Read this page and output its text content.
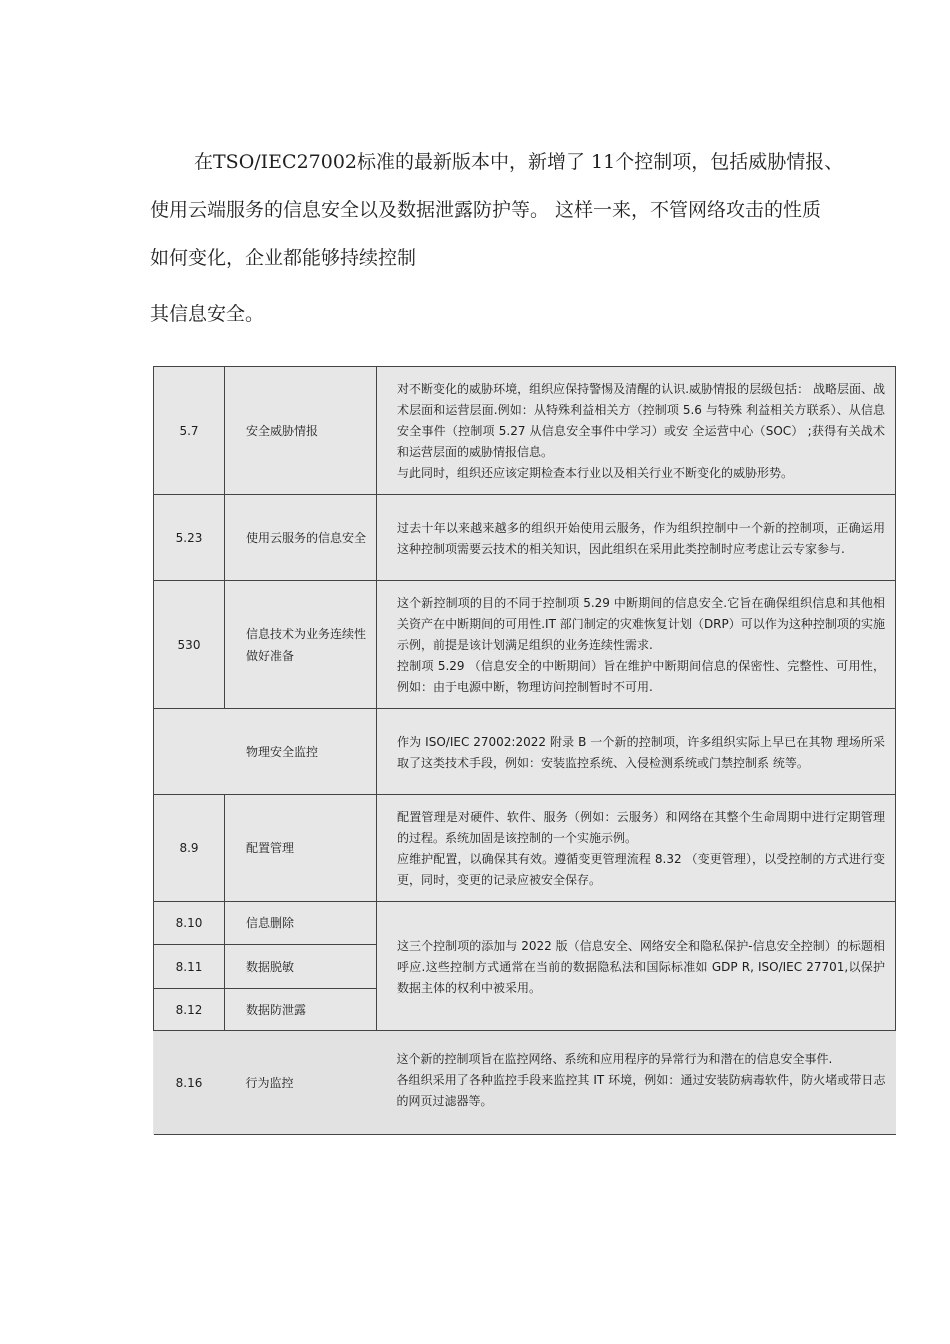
在TSO/IEC27002标准的最新版本中，新增了 11个控制项，包括威胁情报、
使用云端服务的信息安全以及数据泄露防护等。 这样一来，不管网络攻击的性质
如何变化，企业都能够持续控制
其信息安全。
5.7	安全威胁情报	对不断变化的威胁环境，组织应保持警惕及清醒的认识.威胁情报的层级包括： 战略层面、战术层面和运营层面.例如：从特殊利益相关方（控制项 5.6 与特殊 利益相关方联系）、从信息安全事件（控制项 5.27 从信息安全事件中学习）或安 全运营中心（SOC） ;获得有关战术和运营层面的威胁情报信息。

与此同时，组织还应该定期检查本行业以及相关行业不断变化的威胁形势。

5.23	使用云服务的信息安全	过去十年以来越来越多的组织开始使用云服务，作为组织控制中一个新的控制项，正确运用这种控制项需要云技术的相关知识，因此组织在采用此类控制时应考虑让云专家参与.

530	信息技术为业务连续性做好准备	这个新控制项的目的不同于控制项 5.29 中断期间的信息安全.它旨在确保组织信息和其他相关资产在中断期间的可用性.IT 部门制定的灾难恢复计划（DRP）可以作为这种控制项的实施示例，前提是该计划满足组织的业务连续性需求.

控制项 5.29 （信息安全的中断期间）旨在维护中断期间信息的保密性、完整性、可用性，例如：由于电源中断，物理访问控制暂时不可用.

物理安全监控		作为 ISO/IEC 27002:2022 附录 B 一个新的控制项，许多组织实际上早已在其物 理场所采取了这类技术手段，例如：安装监控系统、入侵检测系统或门禁控制系 统等。

8.9	配置管理	配置管理是对硬件、软件、服务（例如：云服务）和网络在其整个生命周期中进行定期管理的过程。系统加固是该控制的一个实施示例。

应维护配置，以确保其有效。遵循变更管理流程 8.32 （变更管理），以受控制的方式进行变更，同时，变更的记录应被安全保存。

8.10	信息删除	这三个控制项的添加与 2022 版（信息安全、网络安全和隐私保护-信息安全控制）的标题相呼应.这些控制方式通常在当前的数据隐私法和国际标准如 GDP R, ISO/IEC 27701,以保护数据主体的权利中被采用。

8.11	数据脱敏	
8.12	数据防泄露	
8.16	行为监控	这个新的控制项旨在监控网络、系统和应用程序的异常行为和潜在的信息安全事件.

各组织采用了各种监控手段来监控其 IT 环境，例如：通过安装防病毒软件，防火堵或带日志的网页过滤器等。
